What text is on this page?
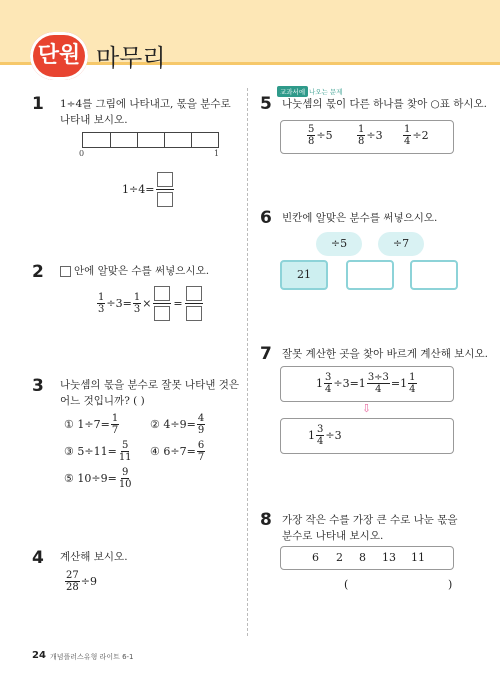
단원 마무리
1 1÷4를 그림에 나타내고, 몫을 분수로 나타내 보시오.
0	1
1÷4=
2	안에 알맞은 수를 써넣으시오.
$\frac{1}{3} \div 3= \frac{1}{3}$ × =
3 나눗셈의 몫을 분수로 잘못 나타낸 것은 어느 것입니까? ( )
①
$1\div 7= \frac{1}{7}$	②
$4\div 9= \frac{4}{9}$
③
$5\div 11= \frac{5}{11}$ ④
$6\div 7= \frac{6}{7}$
⑤
$10\div 9= \frac{9}{10}$
4 계산해 보시오.
$\frac{27}{28} \div 9$
교과서에 나오는 문제
5 나눗셈의 몫이 다른 하나를 찾아 ○표 하시오.
$\frac{5}{8} \div 5 \frac{1}{8} \div 3 \frac{1}{4} \div 2$
6 빈칸에 알맞은 분수를 써넣으시오.
÷5	÷7
21
7 잘못 계산한 곳을 찾아 바르게 계산해 보시오.
$1 \frac{3}{4} \div 3=1 \frac{3\div 3}{4} =1 \frac{1}{4}$
⇩
$1 \frac{3}{4} \div 3$
8 가장 작은 수를 가장 큰 수로 나눈 몫을 분수로 나타내 보시오.
6 2 8 13 11
(	)
24 개념플러스유형 라이트 6-1
